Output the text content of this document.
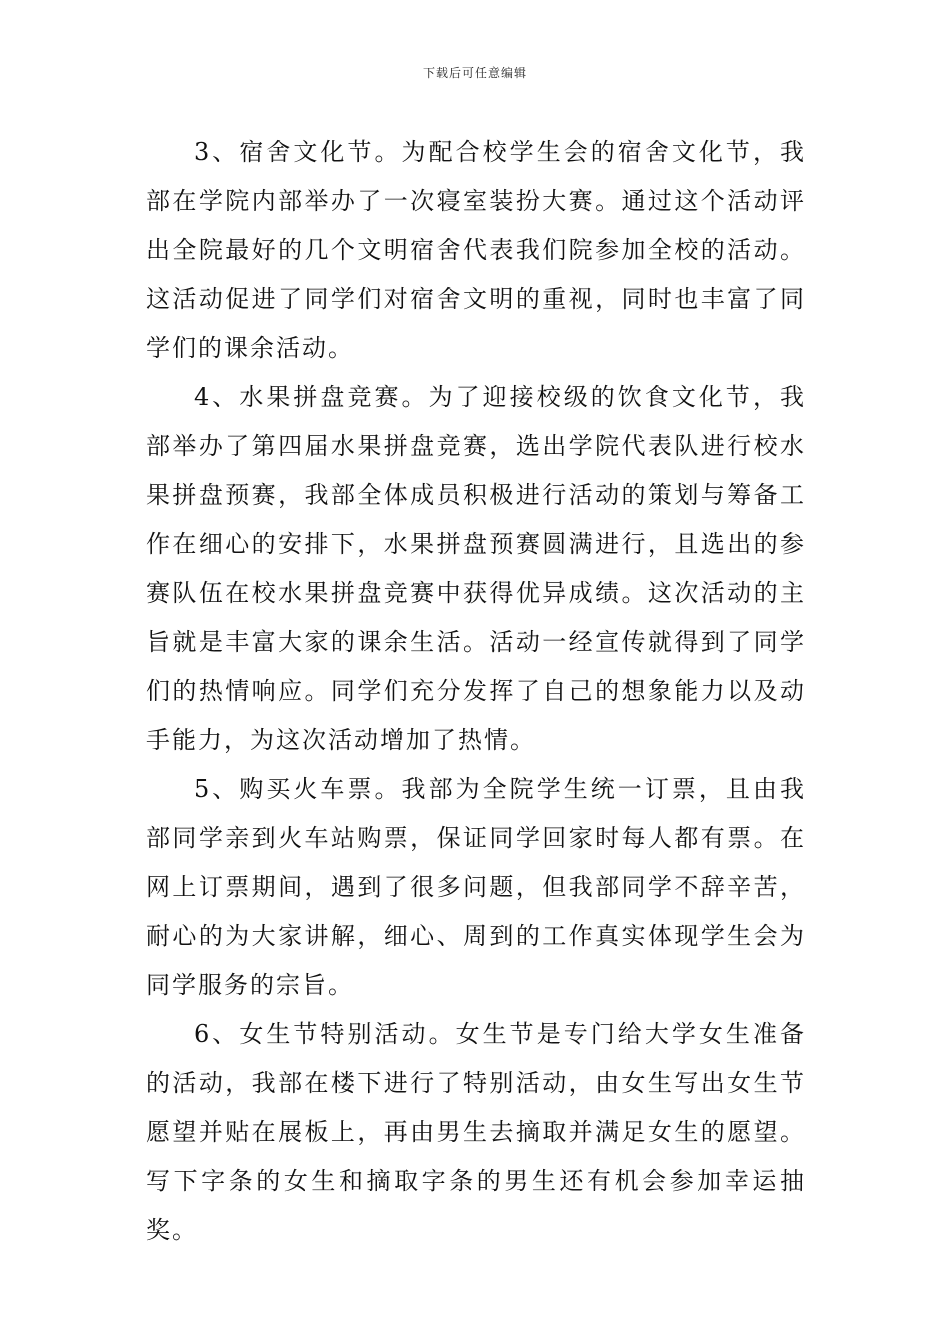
下载后可任意编辑

3、宿舍文化节。为配合校学生会的宿舍文化节，我部在学院内部举办了一次寝室装扮大赛。通过这个活动评出全院最好的几个文明宿舍代表我们院参加全校的活动。这活动促进了同学们对宿舍文明的重视，同时也丰富了同学们的课余活动。

4、水果拼盘竞赛。为了迎接校级的饮食文化节，我部举办了第四届水果拼盘竞赛，选出学院代表队进行校水果拼盘预赛，我部全体成员积极进行活动的策划与筹备工作在细心的安排下，水果拼盘预赛圆满进行，且选出的参赛队伍在校水果拼盘竞赛中获得优异成绩。这次活动的主旨就是丰富大家的课余生活。活动一经宣传就得到了同学们的热情响应。同学们充分发挥了自己的想象能力以及动手能力，为这次活动增加了热情。

5、购买火车票。我部为全院学生统一订票，且由我部同学亲到火车站购票，保证同学回家时每人都有票。在网上订票期间，遇到了很多问题，但我部同学不辞辛苦，耐心的为大家讲解，细心、周到的工作真实体现学生会为同学服务的宗旨。

6、女生节特别活动。女生节是专门给大学女生准备的活动，我部在楼下进行了特别活动，由女生写出女生节愿望并贴在展板上，再由男生去摘取并满足女生的愿望。写下字条的女生和摘取字条的男生还有机会参加幸运抽奖。
